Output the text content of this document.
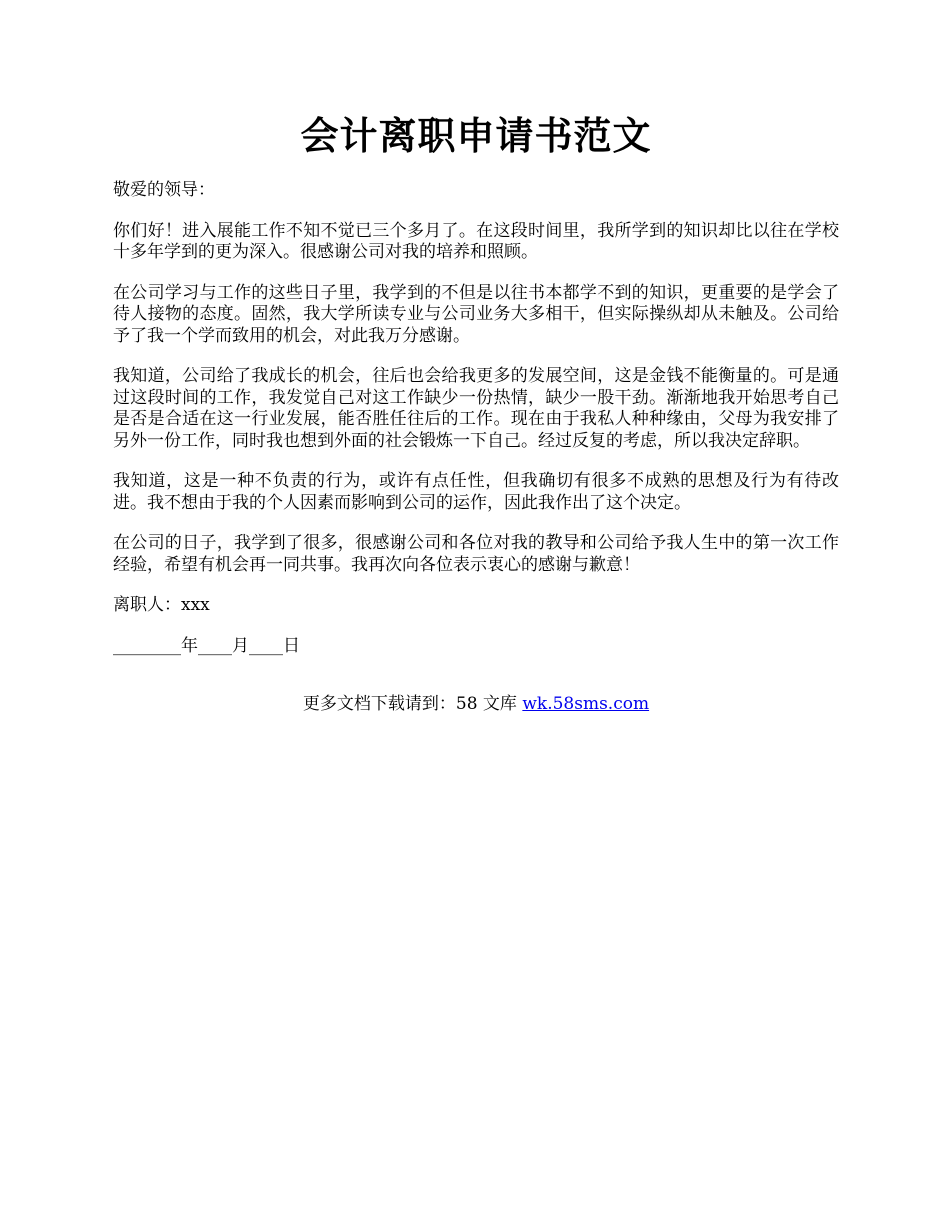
会计离职申请书范文

敬爱的领导：

你们好！进入展能工作不知不觉已三个多月了。在这段时间里，我所学到的知识却比以往在学校十多年学到的更为深入。很感谢公司对我的培养和照顾。

在公司学习与工作的这些日子里，我学到的不但是以往书本都学不到的知识，更重要的是学会了待人接物的态度。固然，我大学所读专业与公司业务大多相干，但实际操纵却从未触及。公司给予了我一个学而致用的机会，对此我万分感谢。

我知道，公司给了我成长的机会，往后也会给我更多的发展空间，这是金钱不能衡量的。可是通过这段时间的工作，我发觉自己对这工作缺少一份热情，缺少一股干劲。渐渐地我开始思考自己是否是合适在这一行业发展，能否胜任往后的工作。现在由于我私人种种缘由，父母为我安排了另外一份工作，同时我也想到外面的社会锻炼一下自己。经过反复的考虑，所以我决定辞职。

我知道，这是一种不负责的行为，或许有点任性，但我确切有很多不成熟的思想及行为有待改进。我不想由于我的个人因素而影响到公司的运作，因此我作出了这个决定。

在公司的日子，我学到了很多，很感谢公司和各位对我的教导和公司给予我人生中的第一次工作经验，希望有机会再一同共事。我再次向各位表示衷心的感谢与歉意！

离职人：xxx

________年____月____日

更多文档下载请到：58 文库 wk.58sms.com
